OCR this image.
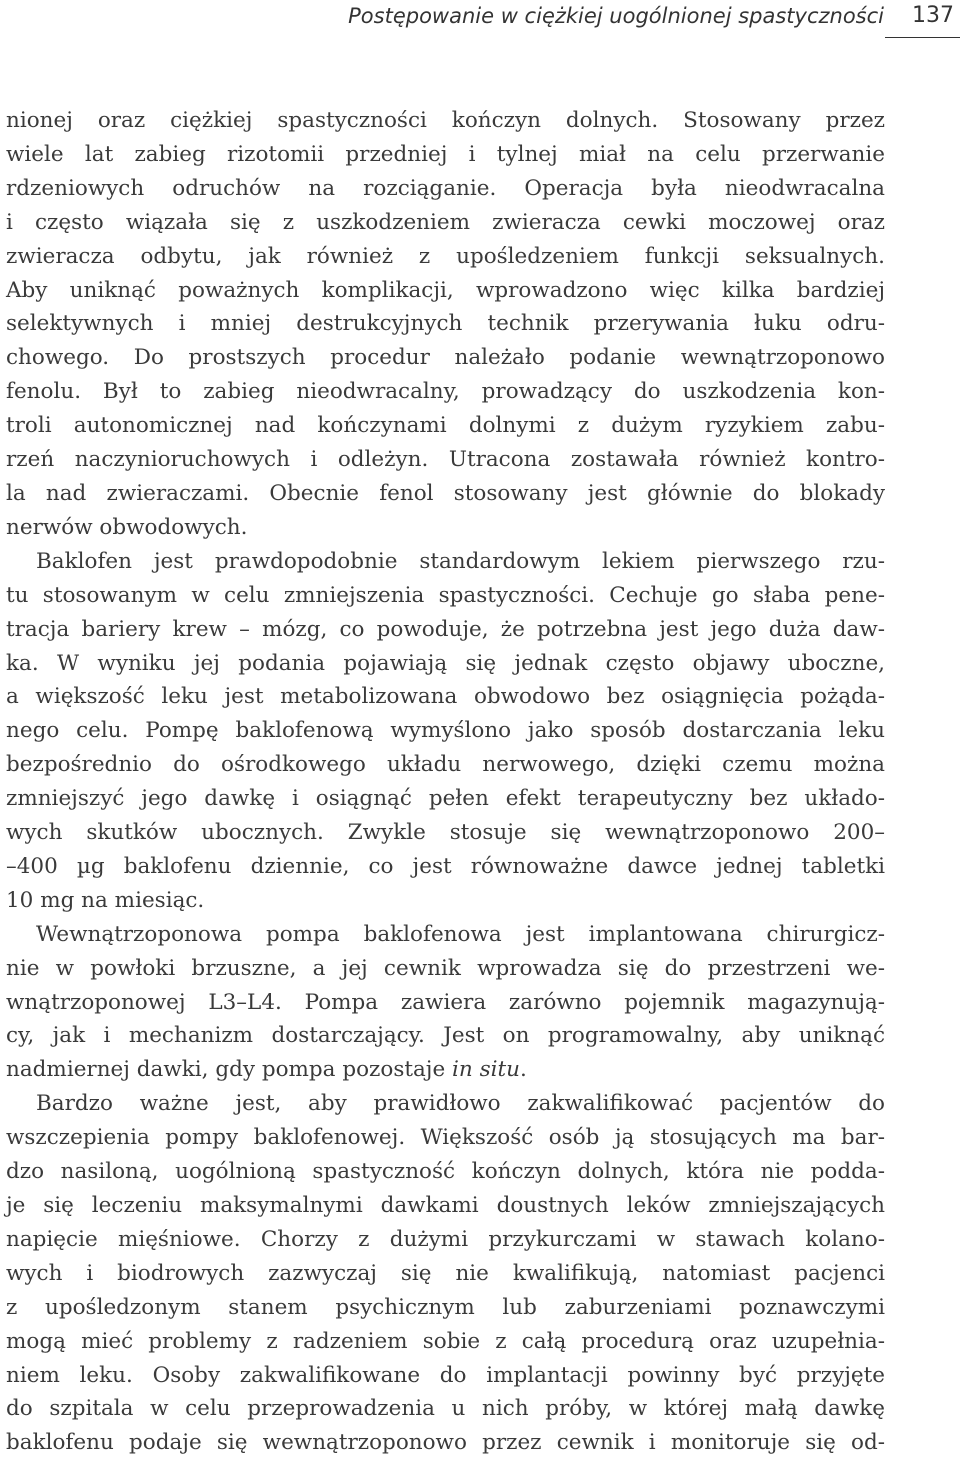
Postępowanie w ciężkiej uogólnionej spastyczności 137

nionej oraz ciężkiej spastyczności kończyn dolnych. Stosowany przez
wiele lat zabieg rizotomii przedniej i tylnej miał na celu przerwanie
rdzeniowych odruchów na rozciąganie. Operacja była nieodwracalna
i często wiązała się z uszkodzeniem zwieracza cewki moczowej oraz
zwieracza odbytu, jak również z upośledzeniem funkcji seksualnych.
Aby uniknąć poważnych komplikacji, wprowadzono więc kilka bardziej
selektywnych i mniej destrukcyjnych technik przerywania łuku odru-
chowego. Do prostszych procedur należało podanie wewnątrzoponowo
fenolu. Był to zabieg nieodwracalny, prowadzący do uszkodzenia kon-
troli autonomicznej nad kończynami dolnymi z dużym ryzykiem zabu-
rzeń naczynioruchowych i odleżyn. Utracona zostawała również kontro-
la nad zwieraczami. Obecnie fenol stosowany jest głównie do blokady
nerwów obwodowych.

Baklofen jest prawdopodobnie standardowym lekiem pierwszego rzu-
tu stosowanym w celu zmniejszenia spastyczności. Cechuje go słaba pene-
tracja bariery krew – mózg, co powoduje, że potrzebna jest jego duża daw-
ka. W wyniku jej podania pojawiają się jednak często objawy uboczne,
a większość leku jest metabolizowana obwodowo bez osiągnięcia pożąda-
nego celu. Pompę baklofenową wymyślono jako sposób dostarczania leku
bezpośrednio do ośrodkowego układu nerwowego, dzięki czemu można
zmniejszyć jego dawkę i osiągnąć pełen efekt terapeutyczny bez układo-
wych skutków ubocznych. Zwykle stosuje się wewnątrzoponowo 200–
–400 µg baklofenu dziennie, co jest równoważne dawce jednej tabletki
10 mg na miesiąc.

Wewnątrzoponowa pompa baklofenowa jest implantowana chirurgicz-
nie w powłoki brzuszne, a jej cewnik wprowadza się do przestrzeni we-
wnątrzoponowej L3–L4. Pompa zawiera zarówno pojemnik magazynują-
cy, jak i mechanizm dostarczający. Jest on programowalny, aby uniknąć
nadmiernej dawki, gdy pompa pozostaje in situ.

Bardzo ważne jest, aby prawidłowo zakwalifikować pacjentów do
wszczepienia pompy baklofenowej. Większość osób ją stosujących ma bar-
dzo nasiloną, uogólnioną spastyczność kończyn dolnych, która nie podda-
je się leczeniu maksymalnymi dawkami doustnych leków zmniejszających
napięcie mięśniowe. Chorzy z dużymi przykurczami w stawach kolano-
wych i biodrowych zazwyczaj się nie kwalifikują, natomiast pacjenci
z upośledzonym stanem psychicznym lub zaburzeniami poznawczymi
mogą mieć problemy z radzeniem sobie z całą procedurą oraz uzupełnia-
niem leku. Osoby zakwalifikowane do implantacji powinny być przyjęte
do szpitala w celu przeprowadzenia u nich próby, w której małą dawkę
baklofenu podaje się wewnątrzoponowo przez cewnik i monitoruje się od-
